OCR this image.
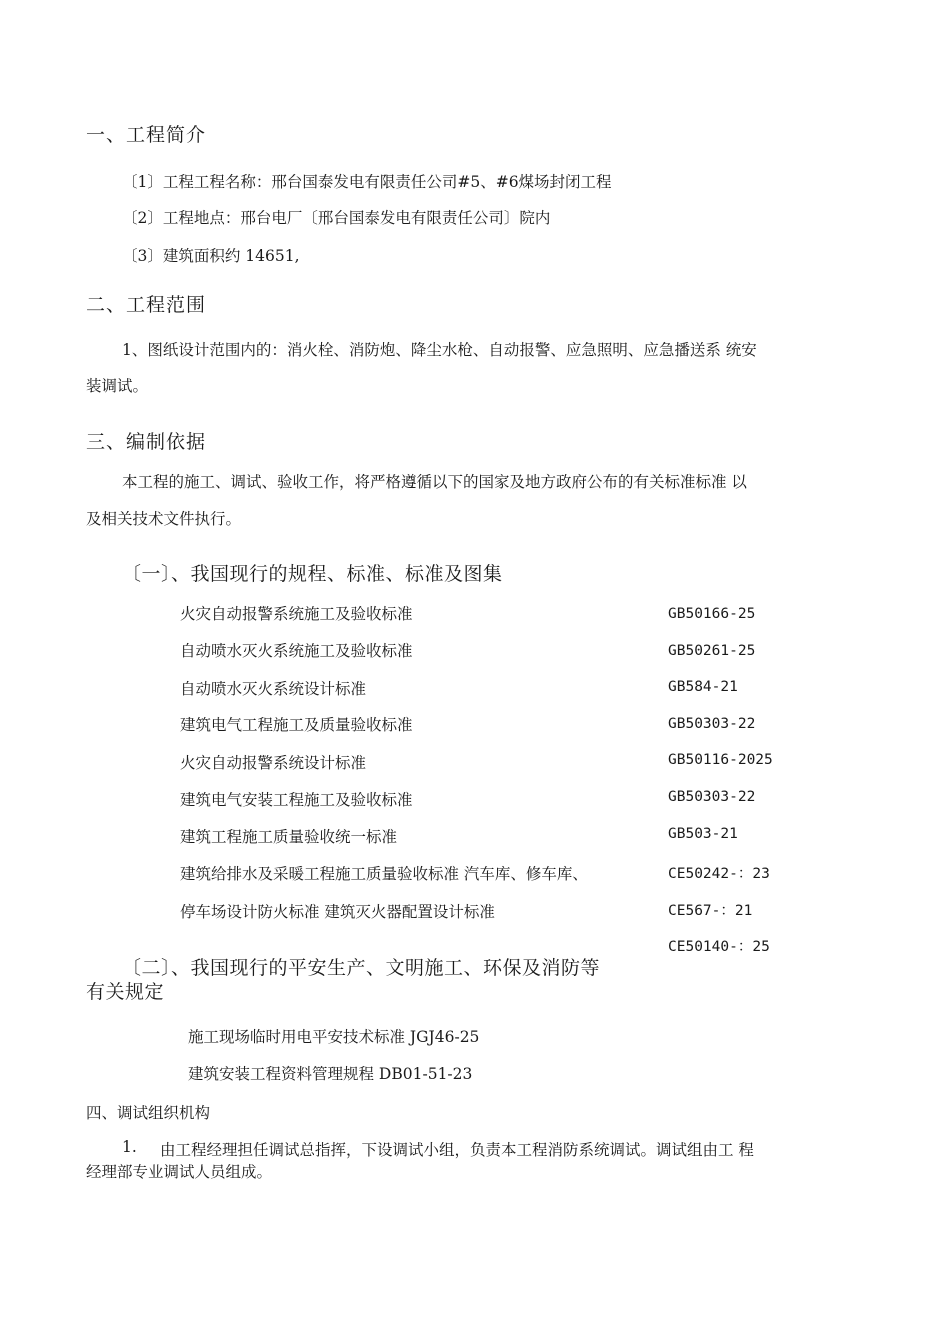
一、工程简介
〔1〕工程工程名称：邢台国泰发电有限责任公司#5、#6煤场封闭工程
〔2〕工程地点：邢台电厂〔邢台国泰发电有限责任公司〕院内
〔3〕建筑面积约 14651,
二、工程范围
1、图纸设计范围内的：消火栓、消防炮、降尘水枪、自动报警、应急照明、应急播送系 统安
装调试。
三、编制依据
本工程的施工、调试、验收工作，将严格遵循以下的国家及地方政府公布的有关标准标准 以
及相关技术文件执行。
〔一〕、我国现行的规程、标准、标准及图集
火灾自动报警系统施工及验收标准	GB50166-25
自动喷水灭火系统施工及验收标准	GB50261-25
自动喷水灭火系统设计标准	GB584-21
建筑电气工程施工及质量验收标准	GB50303-22
火灾自动报警系统设计标准	GB50116-2025
建筑电气安装工程施工及验收标准	GB50303-22
建筑工程施工质量验收统一标准	GB503-21
建筑给排水及采暖工程施工质量验收标准 汽车库、修车库、	CE50242-：23
停车场设计防火标准 建筑灭火器配置设计标准	CE567-：21
CE50140-：25
〔二〕、我国现行的平安生产、文明施工、环保及消防等
有关规定
施工现场临时用电平安技术标准 JGJ46-25
建筑安装工程资料管理规程 DB01-51-23
四、调试组织机构
1. 由工程经理担任调试总指挥，下设调试小组，负责本工程消防系统调试。调试组由工 程
经理部专业调试人员组成。
